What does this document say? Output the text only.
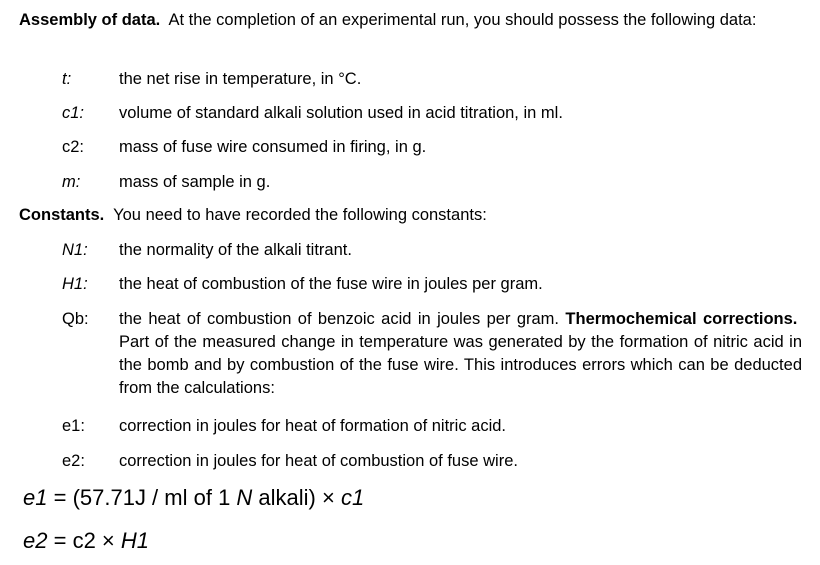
Assembly of data. At the completion of an experimental run, you should possess the following data:

t:	the net rise in temperature, in °C.
c1: volume of standard alkali solution used in acid titration, in ml.
c2: mass of fuse wire consumed in firing, in g.
m: mass of sample in g.

Constants. You need to have recorded the following constants:

N1: the normality of the alkali titrant.
H1: the heat of combustion of the fuse wire in joules per gram.
Qb: the heat of combustion of benzoic acid in joules per gram. Thermochemical corrections.  Part of the measured change in temperature was generated by the formation of nitric acid in the bomb and by combustion of the fuse wire. This introduces errors which can be deducted from the calculations:
e1: correction in joules for heat of formation of nitric acid.
e2: correction in joules for heat of combustion of fuse wire.
e1 = (57.71J / ml of 1 N alkali) × c1
e2 = c2 × H1
